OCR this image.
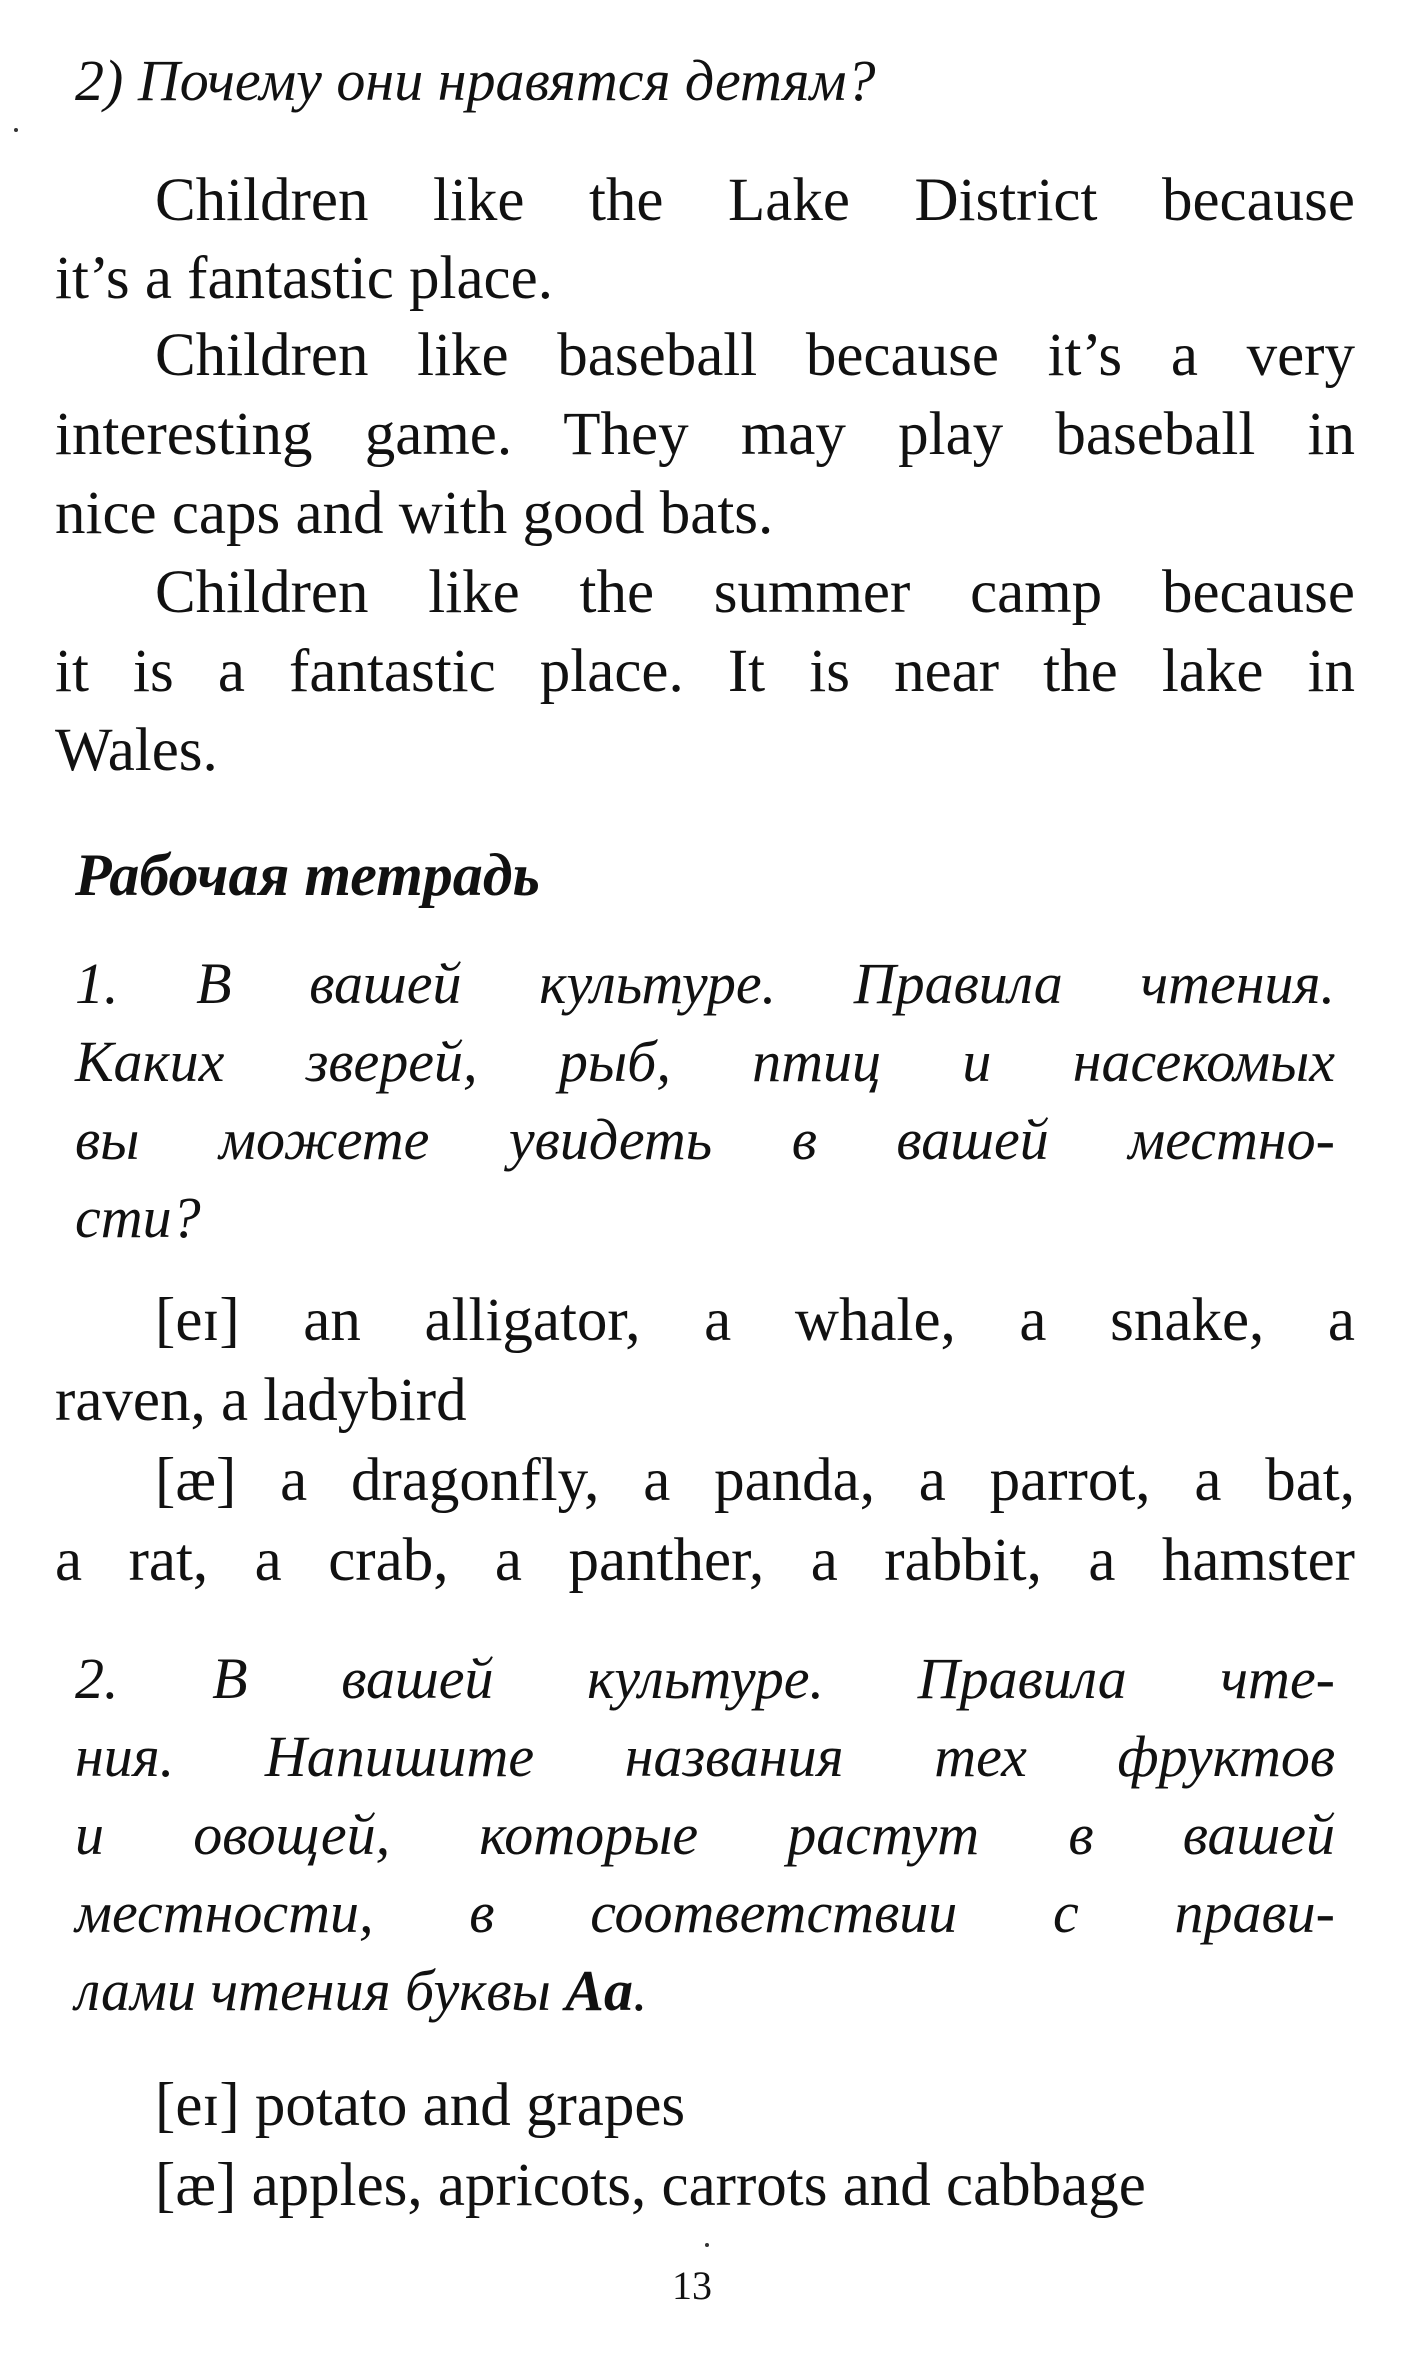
2) Почему они нравятся детям?
Children like the Lake District because
it’s a fantastic place.
Children like baseball because it’s a very
interesting game. They may play baseball in
nice caps and with good bats.
Children like the summer camp because
it is a fantastic place. It is near the lake in
Wales.
Рабочая тетрадь
1. В вашей культуре. Правила чтения.
Каких зверей, рыб, птиц и насекомых
вы можете увидеть в вашей местно-
сти?
[eɪ] an alligator, a whale, a snake, a
raven, a ladybird
[æ] a dragonfly, a panda, a parrot, a bat,
a rat, a crab, a panther, a rabbit, a hamster
2. В вашей культуре. Правила чте-
ния. Напишите названия тех фруктов
и овощей, которые растут в вашей
местности, в соответствии с прави-
лами чтения буквы Aa.
[eɪ] potato and grapes
[æ] apples, apricots, carrots and cabbage
13
